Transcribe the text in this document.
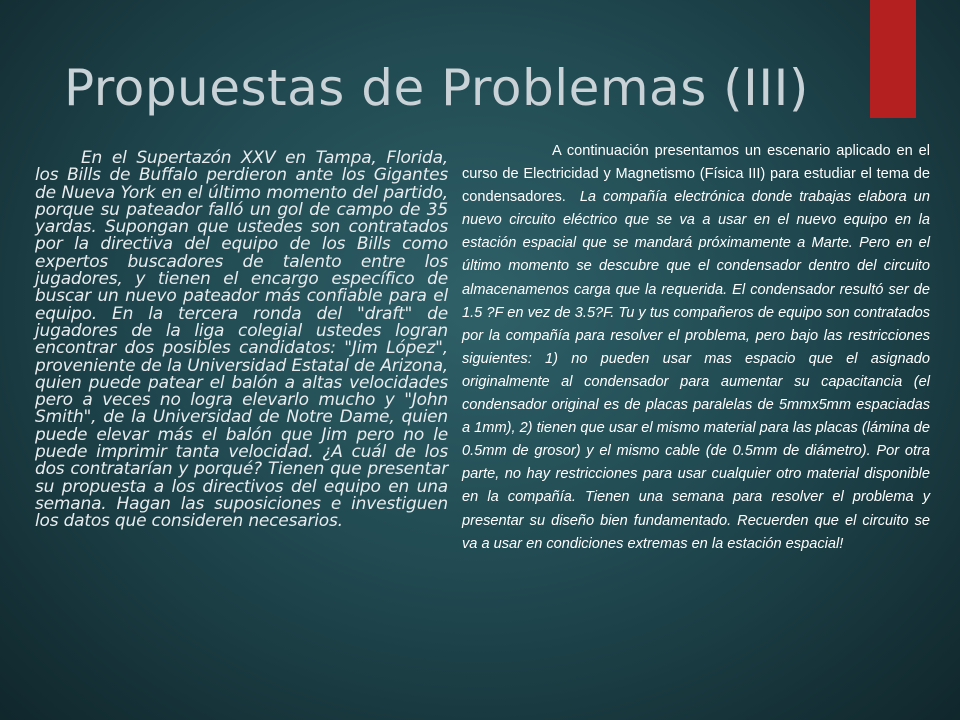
Propuestas de Problemas (III)

En el Supertazón XXV en Tampa, Florida, los Bills de Buffalo perdieron ante los Gigantes de Nueva York en el último momento del partido, porque su pateador falló un gol de campo de 35 yardas. Supongan que ustedes son contratados por la directiva del equipo de los Bills como expertos buscadores de talento entre los jugadores, y tienen el encargo específico de buscar un nuevo pateador más confiable para el equipo. En la tercera ronda del "draft" de jugadores de la liga colegial ustedes logran encontrar dos posibles candidatos: "Jim López", proveniente de la Universidad Estatal de Arizona, quien puede patear el balón a altas velocidades pero a veces no logra elevarlo mucho y "John Smith", de la Universidad de Notre Dame, quien puede elevar más el balón que Jim pero no le puede imprimir tanta velocidad. ¿A cuál de los dos contratarían y porqué? Tienen que presentar su propuesta a los directivos del equipo en una semana. Hagan las suposiciones e investiguen los datos que consideren necesarios.

A continuación presentamos un escenario aplicado en el curso de Electricidad y Magnetismo (Física III) para estudiar el tema de condensadores. La compañía electrónica donde trabajas elabora un nuevo circuito eléctrico que se va a usar en el nuevo equipo en la estación espacial que se mandará próximamente a Marte. Pero en el último momento se descubre que el condensador dentro del circuito almacenamenos carga que la requerida. El condensador resultó ser de 1.5 ?F en vez de 3.5?F. Tu y tus compañeros de equipo son contratados por la compañía para resolver el problema, pero bajo las restricciones siguientes: 1) no pueden usar mas espacio que el asignado originalmente al condensador para aumentar su capacitancia (el condensador original es de placas paralelas de 5mmx5mm espaciadas a 1mm), 2) tienen que usar el mismo material para las placas (lámina de 0.5mm de grosor) y el mismo cable (de 0.5mm de diámetro). Por otra parte, no hay restricciones para usar cualquier otro material disponible en la compañía. Tienen una semana para resolver el problema y presentar su diseño bien fundamentado. Recuerden que el circuito se va a usar en condiciones extremas en la estación espacial!
